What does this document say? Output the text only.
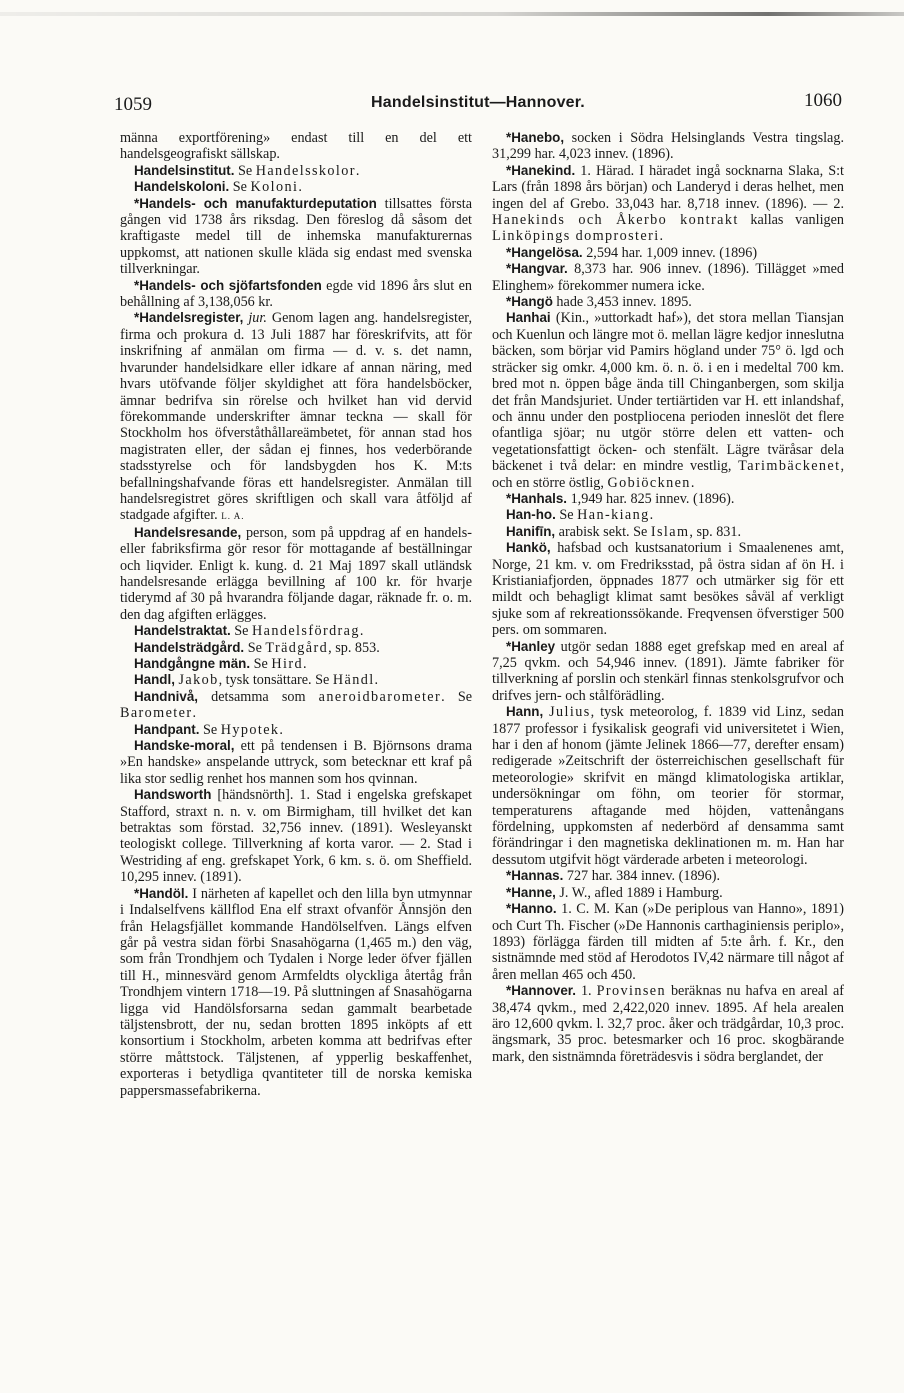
1059	Handelsinstitut—Hannover.	1060

männa exportförening» endast till en del ett handelsgeografiskt sällskap.

Handelsinstitut. Se Handelsskolor.

Handelskoloni. Se Koloni.

*Handels- och manufakturdeputation tillsattes första gången vid 1738 års riksdag. Den föreslog då såsom det kraftigaste medel till de inhemska manufakturernas uppkomst, att nationen skulle kläda sig endast med svenska tillverkningar.

*Handels- och sjöfartsfonden egde vid 1896 års slut en behållning af 3,138,056 kr.

*Handelsregister, jur. Genom lagen ang. handelsregister, firma och prokura d. 13 Juli 1887 har föreskrifvits, att för inskrifning af anmälan om firma — d. v. s. det namn, hvarunder handelsidkare eller idkare af annan näring, med hvars utöfvande följer skyldighet att föra handelsböcker, ämnar bedrifva sin rörelse och hvilket han vid dervid förekommande underskrifter ämnar teckna — skall för Stockholm hos öfverståthållareämbetet, för annan stad hos magistraten eller, der sådan ej finnes, hos vederbörande stadsstyrelse och för landsbygden hos K. M:ts befallningshafvande föras ett handelsregister. Anmälan till handelsregistret göres skriftligen och skall vara åtföljd af stadgade afgifter. L. A.

Handelsresande, person, som på uppdrag af en handels- eller fabriksfirma gör resor för mottagande af beställningar och liqvider. Enligt k. kung. d. 21 Maj 1897 skall utländsk handelsresande erlägga bevillning af 100 kr. för hvarje tiderymd af 30 på hvarandra följande dagar, räknade fr. o. m. den dag afgiften erlägges.

Handelstraktat. Se Handelsfördrag.

Handelsträdgård. Se Trädgård, sp. 853.

Handgångne män. Se Hird.

Handl, Jakob, tysk tonsättare. Se Händl.

Handnivå, detsamma som aneroidbarometer. Se Barometer.

Handpant. Se Hypotek.

Handske-moral, ett på tendensen i B. Björnsons drama »En handske» anspelande uttryck, som betecknar ett kraf på lika stor sedlig renhet hos mannen som hos qvinnan.

Handsworth [händsnörth]. 1. Stad i engelska grefskapet Stafford, straxt n. n. v. om Birmigham, till hvilket det kan betraktas som förstad. 32,756 innev. (1891). Wesleyanskt teologiskt college. Tillverkning af korta varor. — 2. Stad i Westriding af eng. grefskapet York, 6 km. s. ö. om Sheffield. 10,295 innev. (1891).

*Handöl. I närheten af kapellet och den lilla byn utmynnar i Indalselfvens källflod Ena elf straxt ofvanför Ånnsjön den från Helagsfjället kommande Handölselfven. Längs elfven går på vestra sidan förbi Snasahögarna (1,465 m.) den väg, som från Trondhjem och Tydalen i Norge leder öfver fjällen till H., minnesvärd genom Armfeldts olyckliga återtåg från Trondhjem vintern 1718—19. På sluttningen af Snasahögarna ligga vid Handölsforsarna sedan gammalt bearbetade täljstensbrott, der nu, sedan brotten 1895 inköpts af ett konsortium i Stockholm, arbeten komma att bedrifvas efter större måttstock. Täljstenen, af ypperlig beskaffenhet, exporteras i betydliga qvantiteter till de norska kemiska pappersmassefabrikerna.

*Hanebo, socken i Södra Helsinglands Vestra tingslag. 31,299 har. 4,023 innev. (1896).

*Hanekind. 1. Härad. I häradet ingå socknarna Slaka, S:t Lars (från 1898 års början) och Landeryd i deras helhet, men ingen del af Grebo. 33,043 har. 8,718 innev. (1896). — 2. Hanekinds och Åkerbo kontrakt kallas vanligen Linköpings domprosteri.

*Hangelösa. 2,594 har. 1,009 innev. (1896)

*Hangvar. 8,373 har. 906 innev. (1896). Tillägget »med Elinghem» förekommer numera icke.

*Hangö hade 3,453 innev. 1895.

Hanhai (Kin., »uttorkadt haf»), det stora mellan Tiansjan och Kuenlun och längre mot ö. mellan lägre kedjor inneslutna bäcken, som börjar vid Pamirs högland under 75° ö. lgd och sträcker sig omkr. 4,000 km. ö. n. ö. i en i medeltal 700 km. bred mot n. öppen båge ända till Chinganbergen, som skilja det från Mandsjuriet. Under tertiärtiden var H. ett inlandshaf, och ännu under den postpliocena perioden inneslöt det flere ofantliga sjöar; nu utgör större delen ett vatten- och vegetationsfattigt öcken- och stenfält. Lägre tväråsar dela bäckenet i två delar: en mindre vestlig, Tarimbäckenet, och en större östlig, Gobiöcknen.

*Hanhals. 1,949 har. 825 innev. (1896).

Han-ho. Se Han-kiang.

Hanifīn, arabisk sekt. Se Islam, sp. 831.

Hankö, hafsbad och kustsanatorium i Smaalenenes amt, Norge, 21 km. v. om Fredriksstad, på östra sidan af ön H. i Kristianiafjorden, öppnades 1877 och utmärker sig för ett mildt och behagligt klimat samt besökes såväl af verkligt sjuke som af rekreationssökande. Freqvensen öfverstiger 500 pers. om sommaren.

*Hanley utgör sedan 1888 eget grefskap med en areal af 7,25 qvkm. och 54,946 innev. (1891). Jämte fabriker för tillverkning af porslin och stenkärl finnas stenkolsgrufvor och drifves jern- och stålförädling.

Hann, Julius, tysk meteorolog, f. 1839 vid Linz, sedan 1877 professor i fysikalisk geografi vid universitetet i Wien, har i den af honom (jämte Jelinek 1866—77, derefter ensam) redigerade »Zeitschrift der österreichischen gesellschaft für meteorologie» skrifvit en mängd klimatologiska artiklar, undersökningar om föhn, om teorier för stormar, temperaturens aftagande med höjden, vattenångans fördelning, uppkomsten af nederbörd af densamma samt förändringar i den magnetiska deklinationen m. m. Han har dessutom utgifvit högt värderade arbeten i meteorologi.

*Hannas. 727 har. 384 innev. (1896).

*Hanne, J. W., afled 1889 i Hamburg.

*Hanno. 1. C. M. Kan (»De periplous van Hanno», 1891) och Curt Th. Fischer (»De Hannonis carthaginiensis periplo», 1893) förlägga färden till midten af 5:te årh. f. Kr., den sistnämnde med stöd af Herodotos IV,42 närmare till något af åren mellan 465 och 450.

*Hannover. 1. Provinsen beräknas nu hafva en areal af 38,474 qvkm., med 2,422,020 innev. 1895. Af hela arealen äro 12,600 qvkm. l. 32,7 proc. åker och trädgårdar, 10,3 proc. ängsmark, 35 proc. betesmarker och 16 proc. skogbärande mark, den sistnämnda företrädesvis i södra berglandet, der
